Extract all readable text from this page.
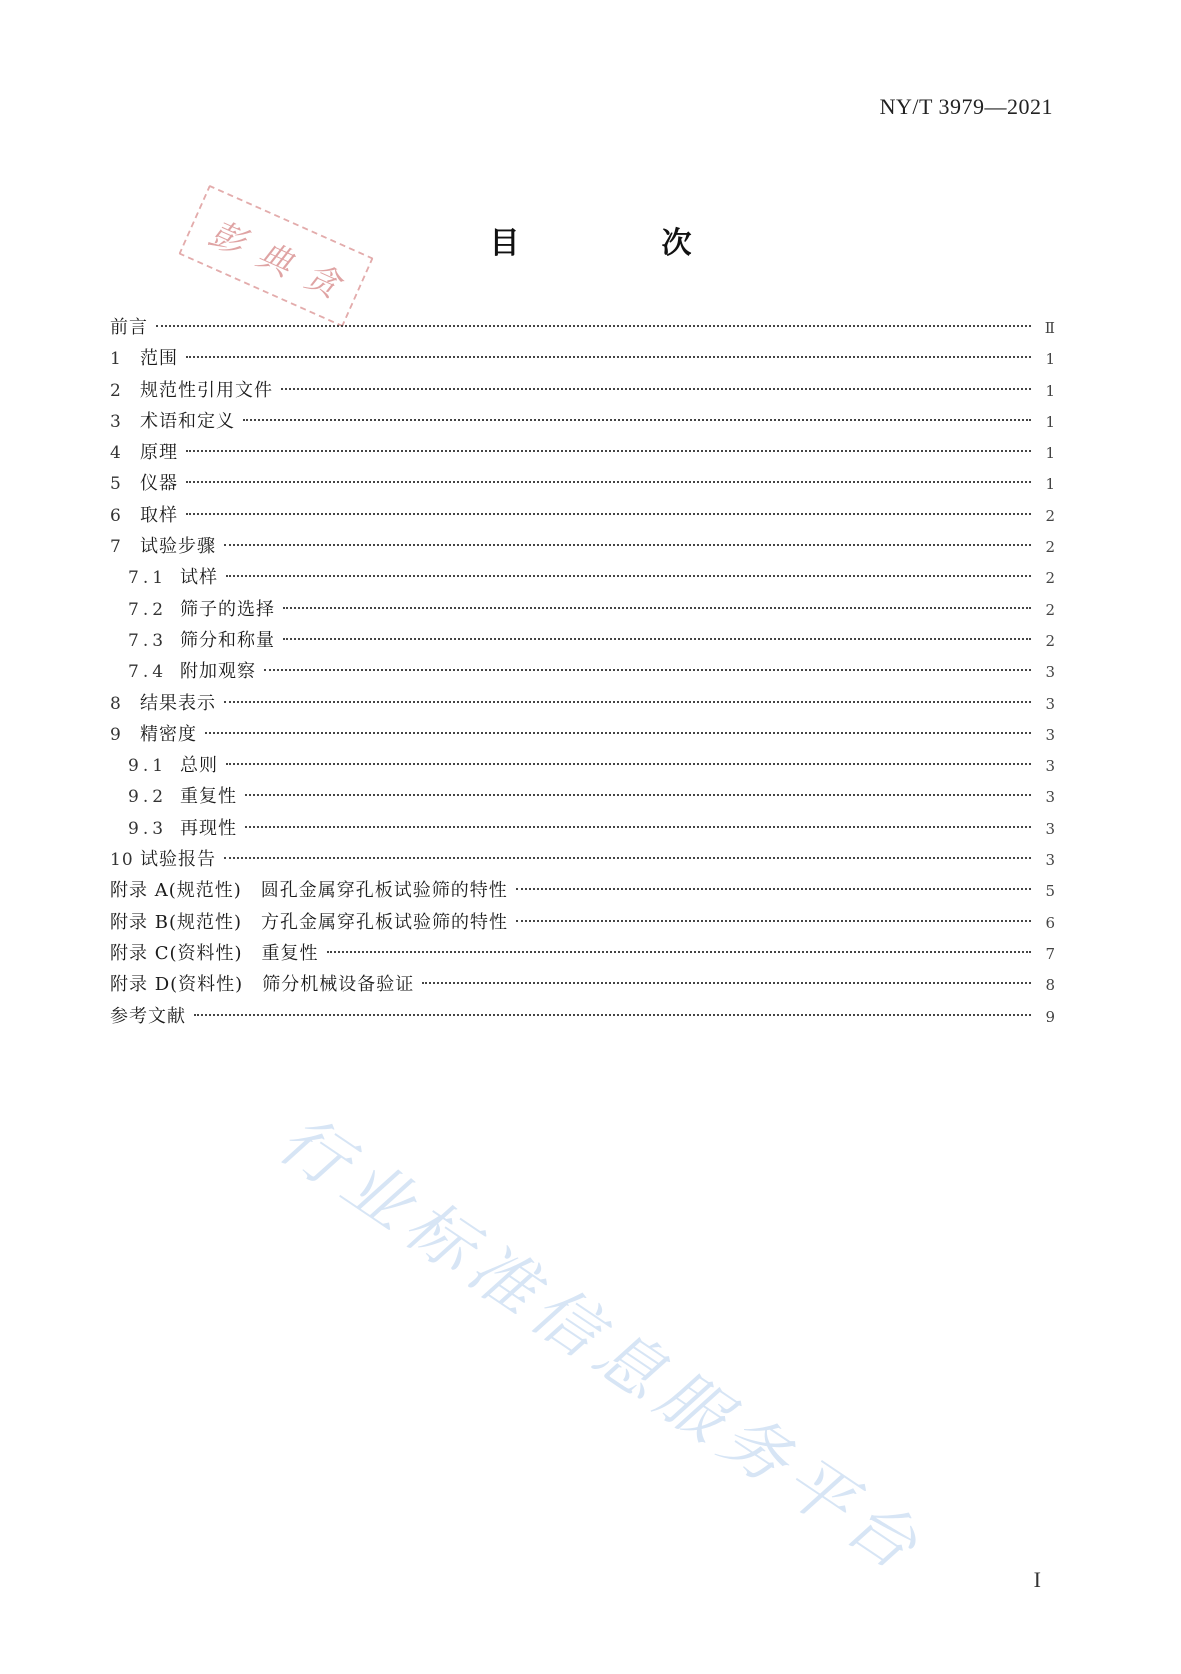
NY/T 3979—2021
彭典贪	目　次
前言	Ⅱ
1	范围	1
2	规范性引用文件	1
3	术语和定义	1
4	原理	1
5	仪器	1
6	取样	2
7	试验步骤	2
7.1 试样	2
7.2 筛子的选择	2
7.3 筛分和称量	2
7.4 附加观察	3
8	结果表示	3
9	精密度	3
9.1 总则	3
9.2 重复性	3
9.3 再现性	3
10 试验报告	3
附录 A(规范性)　圆孔金属穿孔板试验筛的特性	5
附录 B(规范性)　方孔金属穿孔板试验筛的特性	6
附录 C(资料性)　重复性	7
附录 D(资料性)　筛分机械设备验证	8
参考文献	9
行业标准信息服务平台	I
